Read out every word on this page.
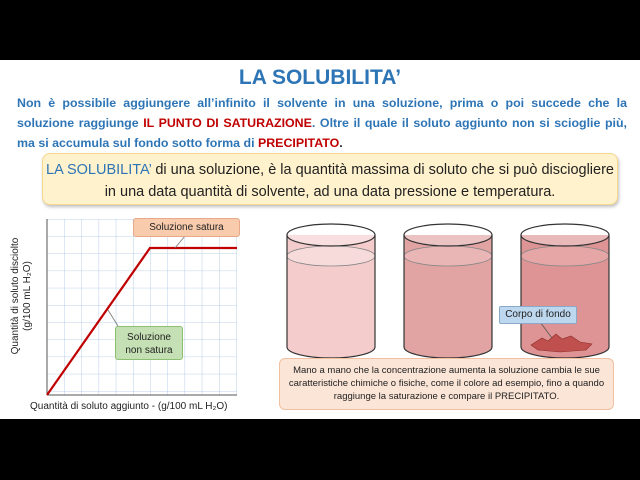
LA SOLUBILITA’
Non è possibile aggiungere all’infinito il solvente in una soluzione, prima o poi succede che la soluzione raggiunge IL PUNTO DI SATURAZIONE. Oltre il quale il soluto aggiunto non si scioglie più, ma si accumula sul fondo sotto forma di PRECIPITATO.
LA SOLUBILITA’ di una soluzione, è la quantità massima di soluto che si può disciogliere in una data quantità di solvente, ad una data pressione e temperatura.
Quantità di soluto disciolto
(g/100 mL H₂O)
Quantità di soluto aggiunto - (g/100 mL H₂O)
Soluzione satura
Soluzione
non satura
Corpo di fondo
Mano a mano che la concentrazione aumenta la soluzione cambia le sue caratteristiche chimiche o fisiche, come il colore ad esempio, fino a quando raggiunge la saturazione e compare il PRECIPITATO.
